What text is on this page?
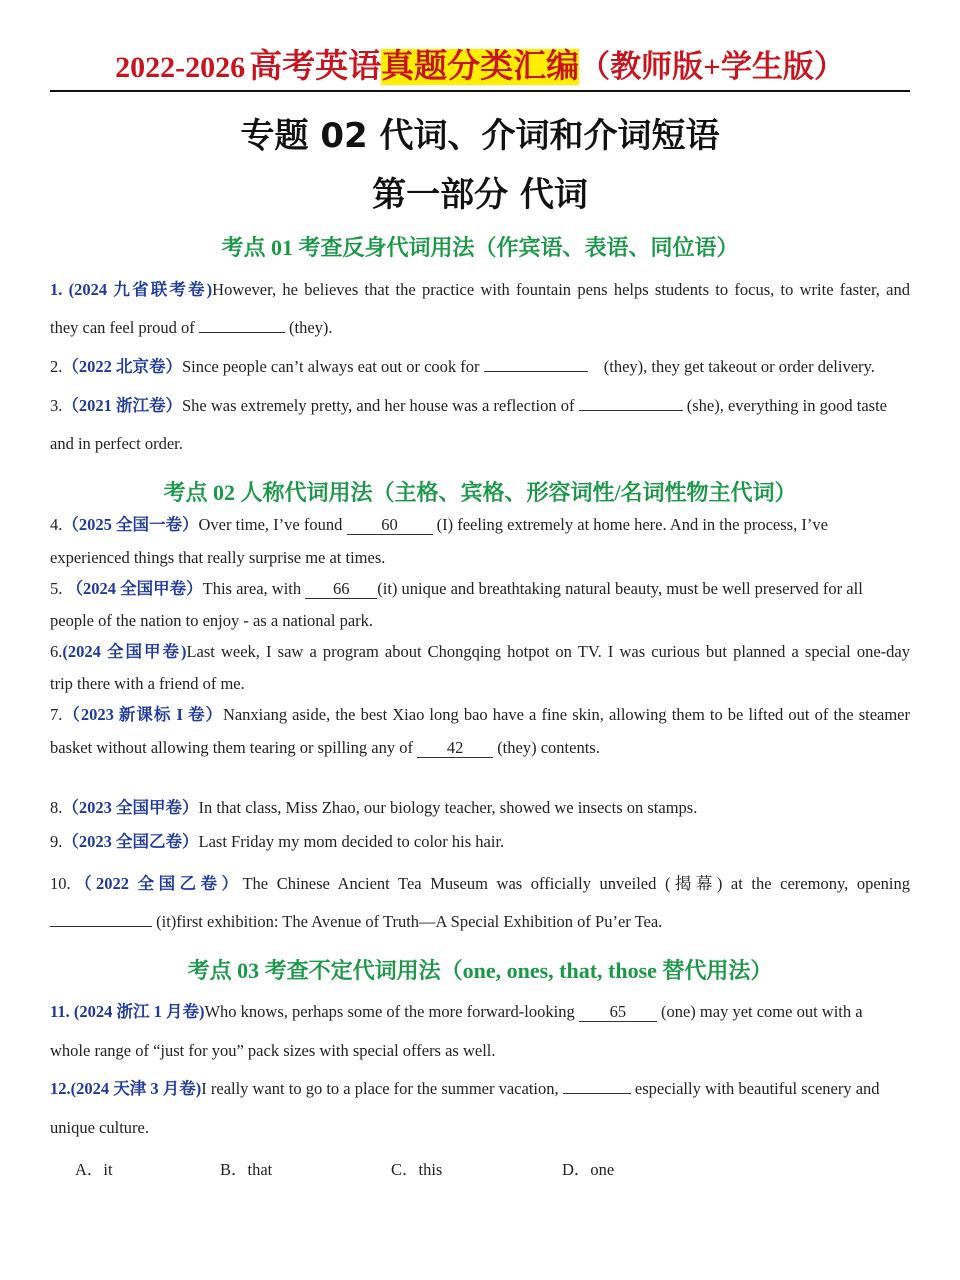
2022-2026 高考英语真题分类汇编（教师版+学生版）
专题 02 代词、介词和介词短语
第一部分 代词
考点 01 考查反身代词用法（作宾语、表语、同位语）
1. (2024 九省联考卷)However, he believes that the practice with fountain pens helps students to focus, to write faster, and
they can feel proud of	(they).
2.（2022 北京卷）Since people can’t always eat out or cook for	(they), they get takeout or order delivery.
3.（2021 浙江卷）She was extremely pretty, and her house was a reflection of	(she), everything in good taste
and in perfect order.
考点 02 人称代词用法（主格、宾格、形容词性/名词性物主代词）
4.（2025 全国一卷）Over time, I’ve found 60 (I) feeling extremely at home here. And in the process, I’ve
experienced things that really surprise me at times.
5. （2024 全国甲卷）This area, with 66 (it) unique and breathtaking natural beauty, must be well preserved for all
people of the nation to enjoy - as a national park.
6.(2024 全国甲卷)Last week, I saw a program about Chongqing hotpot on TV. I was curious but planned a special one-day
trip there with a friend of me.
7.（2023 新课标 I 卷）Nanxiang aside, the best Xiao long bao have a fine skin, allowing them to be lifted out of the steamer
basket without allowing them tearing or spilling any of 42 (they) contents.
8.（2023 全国甲卷）In that class, Miss Zhao, our biology teacher, showed we insects on stamps.
9.（2023 全国乙卷）Last Friday my mom decided to color his hair.
10.（2022 全国乙卷）The Chinese Ancient Tea Museum was officially unveiled (揭幕) at the ceremony, opening
(it)first exhibition: The Avenue of Truth—A Special Exhibition of Pu’er Tea.
考点 03 考查不定代词用法（one, ones, that, those 替代用法）
11. (2024 浙江 1 月卷)Who knows, perhaps some of the more forward-looking 65 (one) may yet come out with a
whole range of “just for you” pack sizes with special offers as well.
12.(2024 天津 3 月卷)I really want to go to a place for the summer vacation,	especially with beautiful scenery and
unique culture.
A．it	B．that	C．this	D．one
